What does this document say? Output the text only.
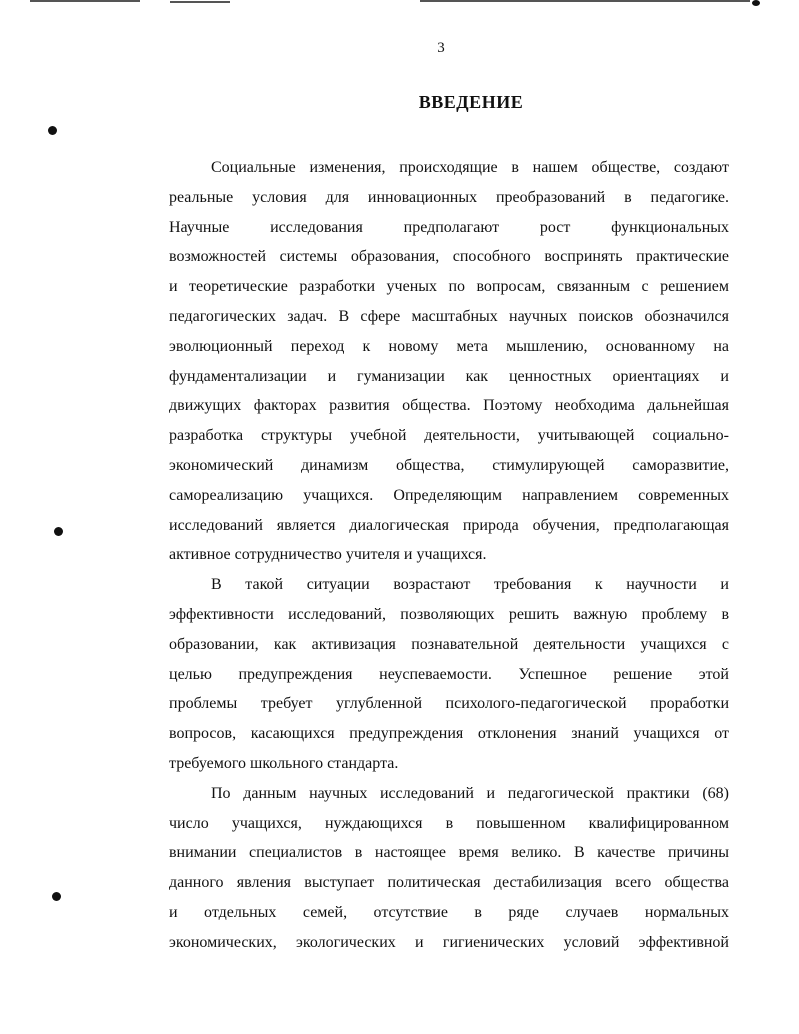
3
ВВЕДЕНИЕ
Социальные изменения, происходящие в нашем обществе, создают
реальные условия для инновационных преобразований в педагогике.
Научные исследования предполагают рост функциональных
возможностей системы образования, способного воспринять практические
и теоретические разработки ученых по вопросам, связанным с решением
педагогических задач. В сфере масштабных научных поисков обозначился
эволюционный переход к новому мета мышлению, основанному на
фундаментализации и гуманизации как ценностных ориентациях и
движущих факторах развития общества. Поэтому необходима дальнейшая
разработка структуры учебной деятельности, учитывающей социально-
экономический динамизм общества, стимулирующей саморазвитие,
самореализацию учащихся. Определяющим направлением современных
исследований является диалогическая природа обучения, предполагающая
активное сотрудничество учителя и учащихся.
В такой ситуации возрастают требования к научности и
эффективности исследований, позволяющих решить важную проблему в
образовании, как активизация познавательной деятельности учащихся с
целью предупреждения неуспеваемости. Успешное решение этой
проблемы требует углубленной психолого-педагогической проработки
вопросов, касающихся предупреждения отклонения знаний учащихся от
требуемого школьного стандарта.
По данным научных исследований и педагогической практики (68)
число учащихся, нуждающихся в повышенном квалифицированном
внимании специалистов в настоящее время велико. В качестве причины
данного явления выступает политическая дестабилизация всего общества
и отдельных семей, отсутствие в ряде случаев нормальных
экономических, экологических и гигиенических условий эффективной
